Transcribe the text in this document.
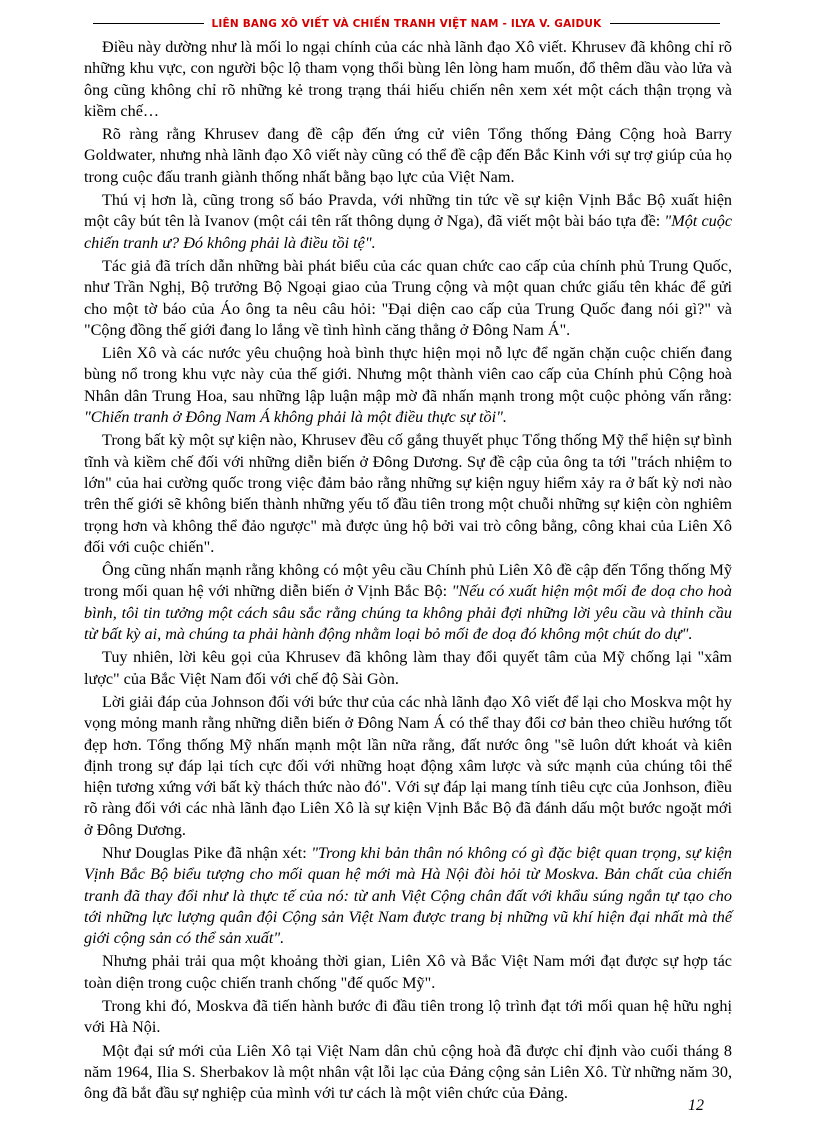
LIÊN BANG XÔ VIẾT VÀ CHIẾN TRANH VIỆT NAM - ILYA V. GAIDUK

Điều này dường như là mối lo ngại chính của các nhà lãnh đạo Xô viết. Khrusev đã không chỉ rõ những khu vực, con người bộc lộ tham vọng thổi bùng lên lòng ham muốn, đổ thêm dầu vào lửa và ông cũng không chỉ rõ những kẻ trong trạng thái hiếu chiến nên xem xét một cách thận trọng và kiềm chế…

Rõ ràng rằng Khrusev đang đề cập đến ứng cử viên Tổng thống Đảng Cộng hoà Barry Goldwater, nhưng nhà lãnh đạo Xô viết này cũng có thể đề cập đến Bắc Kinh với sự trợ giúp của họ trong cuộc đấu tranh giành thống nhất bằng bạo lực của Việt Nam.

Thú vị hơn là, cũng trong số báo Pravda, với những tin tức về sự kiện Vịnh Bắc Bộ xuất hiện một cây bút tên là Ivanov (một cái tên rất thông dụng ở Nga), đã viết một bài báo tựa đề: "Một cuộc chiến tranh ư? Đó không phải là điều tồi tệ".

Tác giả đã trích dẫn những bài phát biểu của các quan chức cao cấp của chính phủ Trung Quốc, như Trần Nghị, Bộ trưởng Bộ Ngoại giao của Trung cộng và một quan chức giấu tên khác để gửi cho một tờ báo của Áo ông ta nêu câu hỏi: "Đại diện cao cấp của Trung Quốc đang nói gì?" và "Cộng đồng thế giới đang lo lắng về tình hình căng thẳng ở Đông Nam Á".

Liên Xô và các nước yêu chuộng hoà bình thực hiện mọi nỗ lực để ngăn chặn cuộc chiến đang bùng nổ trong khu vực này của thế giới. Nhưng một thành viên cao cấp của Chính phủ Cộng hoà Nhân dân Trung Hoa, sau những lập luận mập mờ đã nhấn mạnh trong một cuộc phỏng vấn rằng: "Chiến tranh ở Đông Nam Á không phải là một điều thực sự tồi".

Trong bất kỳ một sự kiện nào, Khrusev đều cố gắng thuyết phục Tổng thống Mỹ thể hiện sự bình tĩnh và kiềm chế đối với những diễn biến ở Đông Dương. Sự đề cập của ông ta tới "trách nhiệm to lớn" của hai cường quốc trong việc đảm bảo rằng những sự kiện nguy hiểm xảy ra ở bất kỳ nơi nào trên thế giới sẽ không biến thành những yếu tố đầu tiên trong một chuỗi những sự kiện còn nghiêm trọng hơn và không thể đảo ngược" mà được ủng hộ bởi vai trò công bằng, công khai của Liên Xô đối với cuộc chiến".

Ông cũng nhấn mạnh rằng không có một yêu cầu Chính phủ Liên Xô đề cập đến Tổng thống Mỹ trong mối quan hệ với những diễn biến ở Vịnh Bắc Bộ: "Nếu có xuất hiện một mối đe doạ cho hoà bình, tôi tin tưởng một cách sâu sắc rằng chúng ta không phải đợi những lời yêu cầu và thỉnh cầu từ bất kỳ ai, mà chúng ta phải hành động nhằm loại bỏ mối đe doạ đó không một chút do dự".

Tuy nhiên, lời kêu gọi của Khrusev đã không làm thay đổi quyết tâm của Mỹ chống lại "xâm lược" của Bắc Việt Nam đối với chế độ Sài Gòn.

Lời giải đáp của Johnson đối với bức thư của các nhà lãnh đạo Xô viết để lại cho Moskva một hy vọng mỏng manh rằng những diễn biến ở Đông Nam Á có thể thay đổi cơ bản theo chiều hướng tốt đẹp hơn. Tổng thống Mỹ nhấn mạnh một lần nữa rằng, đất nước ông "sẽ luôn dứt khoát và kiên định trong sự đáp lại tích cực đối với những hoạt động xâm lược và sức mạnh của chúng tôi thể hiện tương xứng với bất kỳ thách thức nào đó". Với sự đáp lại mang tính tiêu cực của Jonhson, điều rõ ràng đối với các nhà lãnh đạo Liên Xô là sự kiện Vịnh Bắc Bộ đã đánh dấu một bước ngoặt mới ở Đông Dương.

Như Douglas Pike đã nhận xét: "Trong khi bản thân nó không có gì đặc biệt quan trọng, sự kiện Vịnh Bắc Bộ biểu tượng cho mối quan hệ mới mà Hà Nội đòi hỏi từ Moskva. Bản chất của chiến tranh đã thay đổi như là thực tế của nó: từ anh Việt Cộng chân đất với khẩu súng ngắn tự tạo cho tới những lực lượng quân đội Cộng sản Việt Nam được trang bị những vũ khí hiện đại nhất mà thế giới cộng sản có thể sản xuất".

Nhưng phải trải qua một khoảng thời gian, Liên Xô và Bắc Việt Nam mới đạt được sự hợp tác toàn diện trong cuộc chiến tranh chống "đế quốc Mỹ".

Trong khi đó, Moskva đã tiến hành bước đi đầu tiên trong lộ trình đạt tới mối quan hệ hữu nghị với Hà Nội.

Một đại sứ mới của Liên Xô tại Việt Nam dân chủ cộng hoà đã được chỉ định vào cuối tháng 8 năm 1964, Ilia S. Sherbakov là một nhân vật lỗi lạc của Đảng cộng sản Liên Xô. Từ những năm 30, ông đã bắt đầu sự nghiệp của mình với tư cách là một viên chức của Đảng.

12
